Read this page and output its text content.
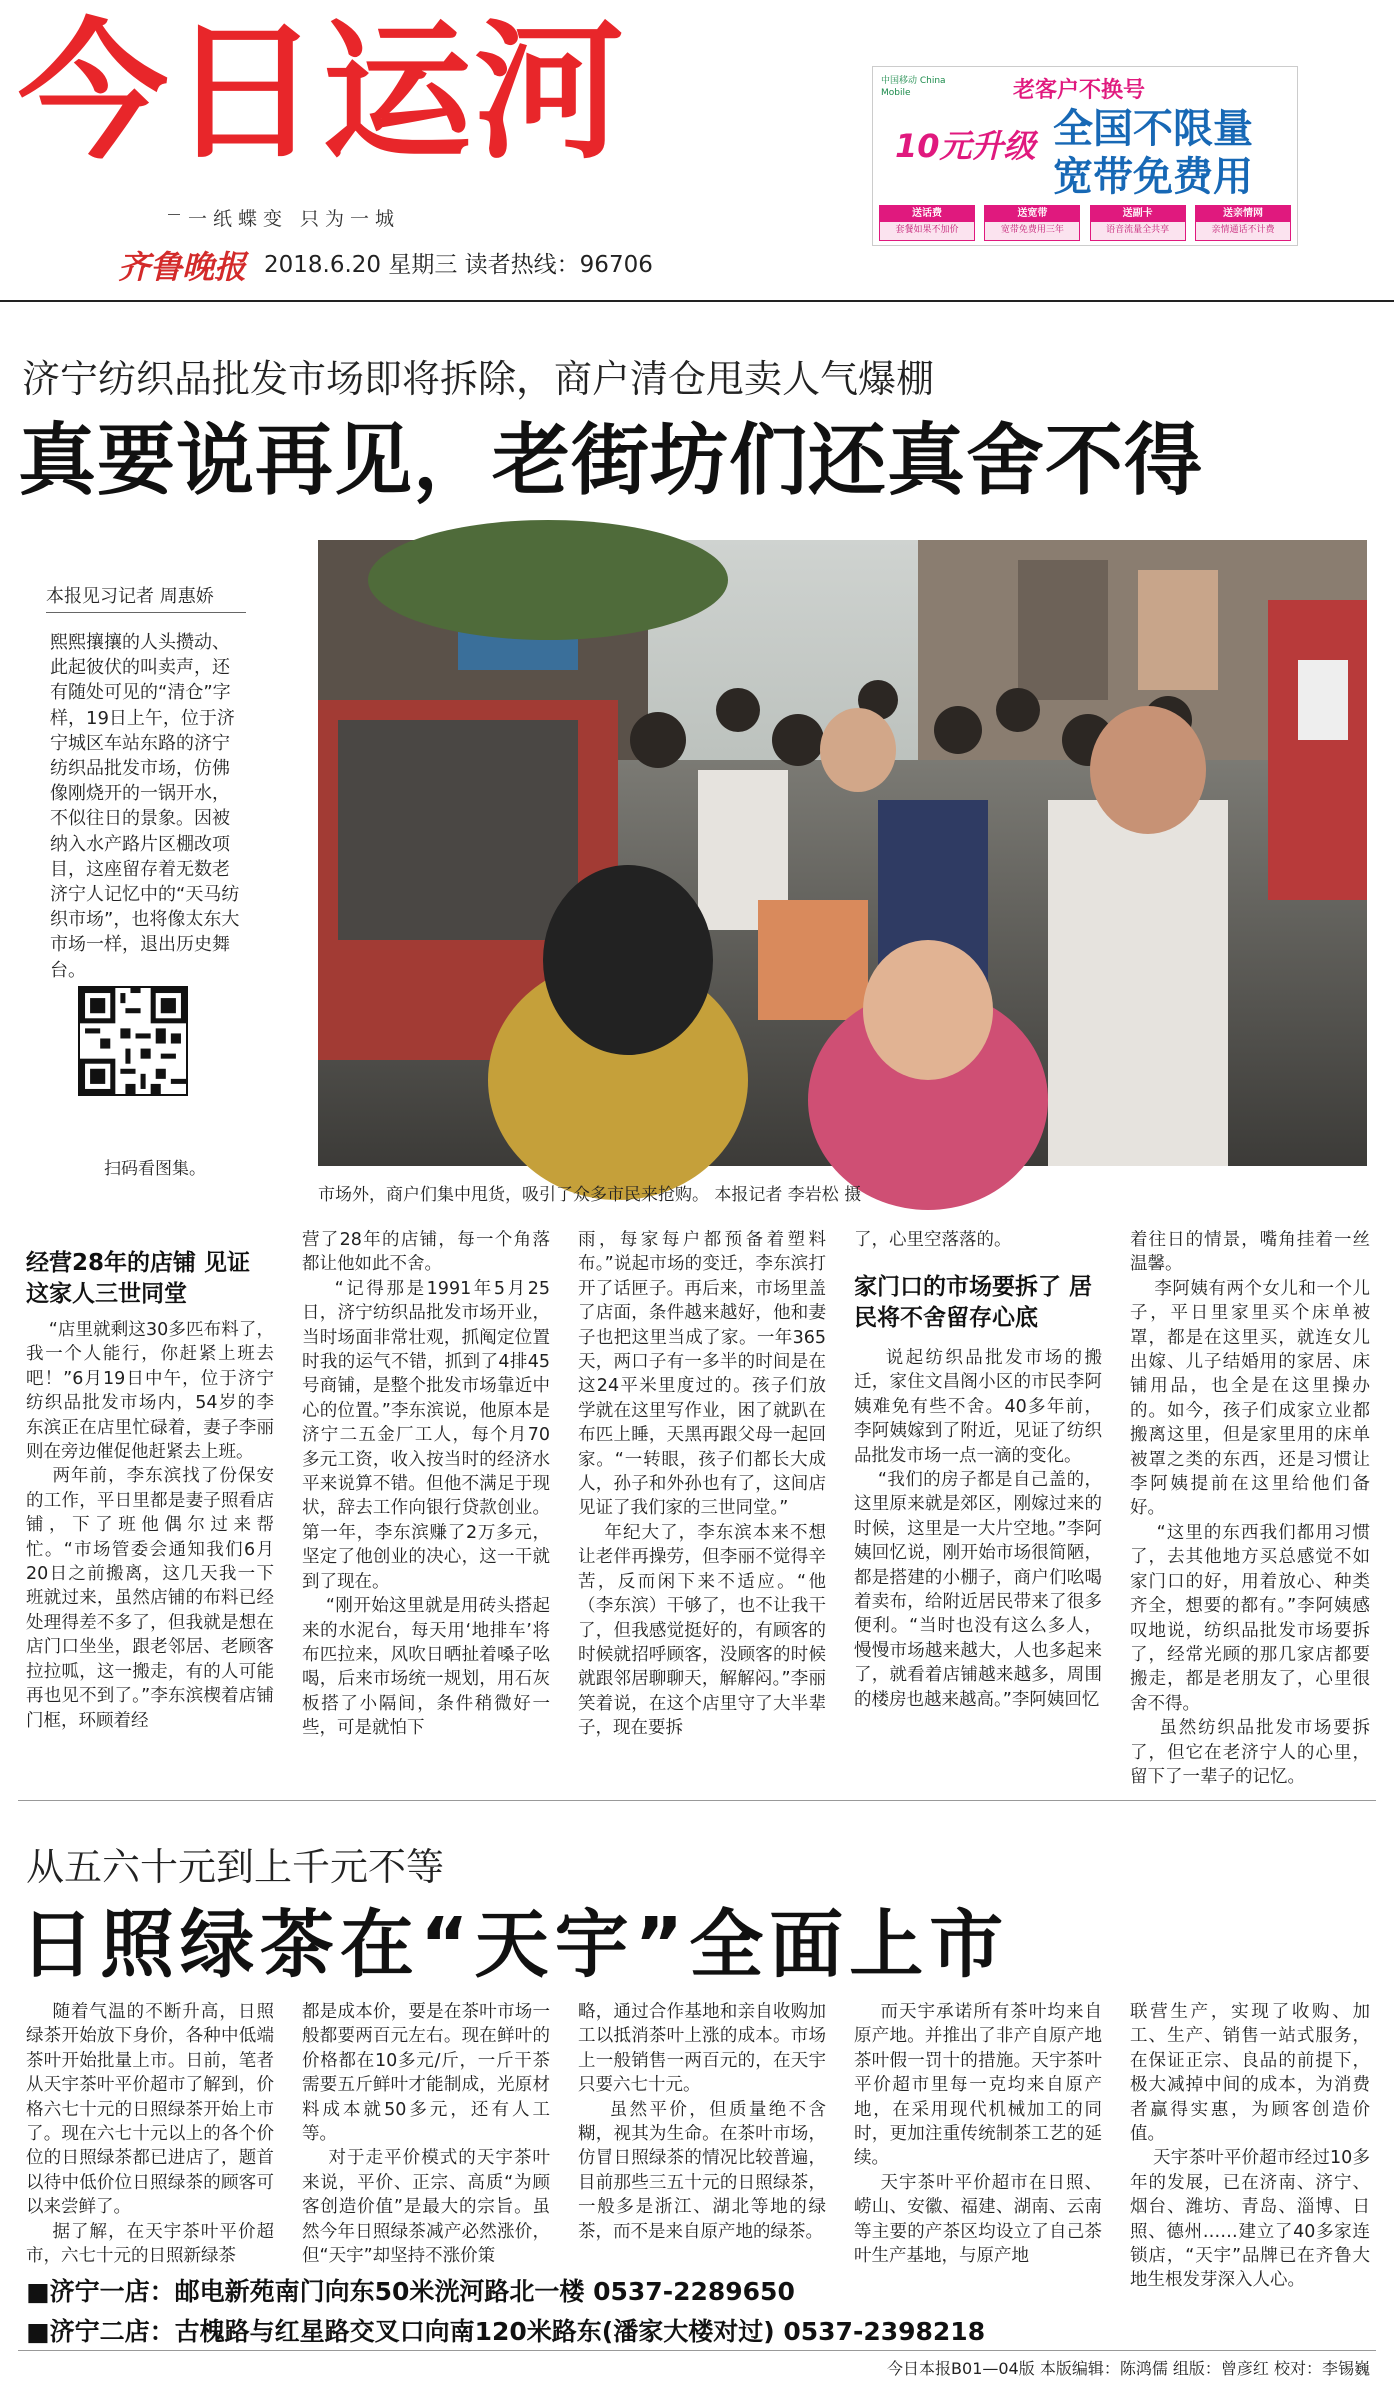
今日运河
一纸蝶变 只为一城
齐鲁晚报 2018.6.20 星期三 读者热线：96706
中国移动 China Mobile	老客户不换号
10元升级 全国不限量
宽带免费用
送话费
套餐如果不加价
送宽带
宽带免费用三年
送副卡
语音流量全共享
送亲情网
亲情通话不计费
济宁纺织品批发市场即将拆除，商户清仓甩卖人气爆棚
真要说再见，老街坊们还真舍不得
本报见习记者 周惠娇
熙熙攘攘的人头攒动、此起彼伏的叫卖声，还有随处可见的“清仓”字样，19日上午，位于济宁城区车站东路的济宁纺织品批发市场，仿佛像刚烧开的一锅开水，不似往日的景象。因被纳入水产路片区棚改项目，这座留存着无数老济宁人记忆中的“天马纺织市场”，也将像太东大市场一样，退出历史舞台。
扫码看图集。
市场外，商户们集中甩货，吸引了众多市民来抢购。 本报记者 李岩松 摄
经营28年的店铺 见证这家人三世同堂
“店里就剩这30多匹布料了，我一个人能行，你赶紧上班去吧！”6月19日中午，位于济宁纺织品批发市场内，54岁的李东滨正在店里忙碌着，妻子李丽则在旁边催促他赶紧去上班。
两年前，李东滨找了份保安的工作，平日里都是妻子照看店铺，下了班他偶尔过来帮忙。“市场管委会通知我们6月20日之前搬离，这几天我一下班就过来，虽然店铺的布料已经处理得差不多了，但我就是想在店门口坐坐，跟老邻居、老顾客拉拉呱，这一搬走，有的人可能再也见不到了。”李东滨楔着店铺门框，环顾着经
营了28年的店铺，每一个角落都让他如此不舍。
“记得那是1991年5月25日，济宁纺织品批发市场开业，当时场面非常壮观，抓阄定位置时我的运气不错，抓到了4排45号商铺，是整个批发市场靠近中心的位置。”李东滨说，他原本是济宁二五金厂工人，每个月70多元工资，收入按当时的经济水平来说算不错。但他不满足于现状，辞去工作向银行贷款创业。第一年，李东滨赚了2万多元，坚定了他创业的决心，这一干就到了现在。
“刚开始这里就是用砖头搭起来的水泥台，每天用‘地排车’将布匹拉来，风吹日晒扯着嗓子吆喝，后来市场统一规划，用石灰板搭了小隔间，条件稍微好一些，可是就怕下
雨，每家每户都预备着塑料布。”说起市场的变迁，李东滨打开了话匣子。再后来，市场里盖了店面，条件越来越好，他和妻子也把这里当成了家。一年365天，两口子有一多半的时间是在这24平米里度过的。孩子们放学就在这里写作业，困了就趴在布匹上睡，天黑再跟父母一起回家。“一转眼，孩子们都长大成人，孙子和外孙也有了，这间店见证了我们家的三世同堂。”
年纪大了，李东滨本来不想让老伴再操劳，但李丽不觉得辛苦，反而闲下来不适应。“他（李东滨）干够了，也不让我干了，但我感觉挺好的，有顾客的时候就招呼顾客，没顾客的时候就跟邻居聊聊天，解解闷。”李丽笑着说，在这个店里守了大半辈子，现在要拆
了，心里空落落的。
家门口的市场要拆了 居民将不舍留存心底
说起纺织品批发市场的搬迁，家住文昌阁小区的市民李阿姨难免有些不舍。40多年前，李阿姨嫁到了附近，见证了纺织品批发市场一点一滴的变化。
“我们的房子都是自己盖的，这里原来就是郊区，刚嫁过来的时候，这里是一大片空地。”李阿姨回忆说，刚开始市场很简陋，都是搭建的小棚子，商户们吆喝着卖布，给附近居民带来了很多便利。“当时也没有这么多人，慢慢市场越来越大，人也多起来了，就看着店铺越来越多，周围的楼房也越来越高。”李阿姨回忆
着往日的情景，嘴角挂着一丝温馨。
李阿姨有两个女儿和一个儿子，平日里家里买个床单被罩，都是在这里买，就连女儿出嫁、儿子结婚用的家居、床铺用品，也全是在这里操办的。如今，孩子们成家立业都搬离这里，但是家里用的床单被罩之类的东西，还是习惯让李阿姨提前在这里给他们备好。
“这里的东西我们都用习惯了，去其他地方买总感觉不如家门口的好，用着放心、种类齐全，想要的都有。”李阿姨感叹地说，纺织品批发市场要拆了，经常光顾的那几家店都要搬走，都是老朋友了，心里很舍不得。
虽然纺织品批发市场要拆了，但它在老济宁人的心里，留下了一辈子的记忆。
从五六十元到上千元不等
日照绿茶在“天宇”全面上市
随着气温的不断升高，日照绿茶开始放下身价，各种中低端茶叶开始批量上市。日前，笔者从天宇茶叶平价超市了解到，价格六七十元的日照绿茶开始上市了。现在六七十元以上的各个价位的日照绿茶都已进店了，题首以待中低价位日照绿茶的顾客可以来尝鲜了。
据了解，在天宇茶叶平价超市，六七十元的日照新绿茶
都是成本价，要是在茶叶市场一般都要两百元左右。现在鲜叶的价格都在10多元/斤，一斤干茶需要五斤鲜叶才能制成，光原材料成本就50多元，还有人工等。
对于走平价模式的天宇茶叶来说，平价、正宗、高质“为顾客创造价值”是最大的宗旨。虽然今年日照绿茶减产必然涨价，但“天宇”却坚持不涨价策
略，通过合作基地和亲自收购加工以抵消茶叶上涨的成本。市场上一般销售一两百元的，在天宇只要六七十元。
虽然平价，但质量绝不含糊，视其为生命。在茶叶市场，仿冒日照绿茶的情况比较普遍，目前那些三五十元的日照绿茶，一般多是浙江、湖北等地的绿茶，而不是来自原产地的绿茶。
而天宇承诺所有茶叶均来自原产地。并推出了非产自原产地茶叶假一罚十的措施。天宇茶叶平价超市里每一克均来自原产地，在采用现代机械加工的同时，更加注重传统制茶工艺的延续。
天宇茶叶平价超市在日照、崂山、安徽、福建、湖南、云南等主要的产茶区均设立了自己茶叶生产基地，与原产地
联营生产，实现了收购、加工、生产、销售一站式服务，在保证正宗、良品的前提下，极大减掉中间的成本，为消费者赢得实惠，为顾客创造价值。
天宇茶叶平价超市经过10多年的发展，已在济南、济宁、烟台、潍坊、青岛、淄博、日照、德州……建立了40多家连锁店，“天宇”品牌已在齐鲁大地生根发芽深入人心。
■济宁一店：邮电新苑南门向东50米洸河路北一楼 0537-2289650
■济宁二店：古槐路与红星路交叉口向南120米路东(潘家大楼对过) 0537-2398218
今日本报B01—04版 本版编辑：陈鸿儒 组版：曾彦红 校对：李锡巍
